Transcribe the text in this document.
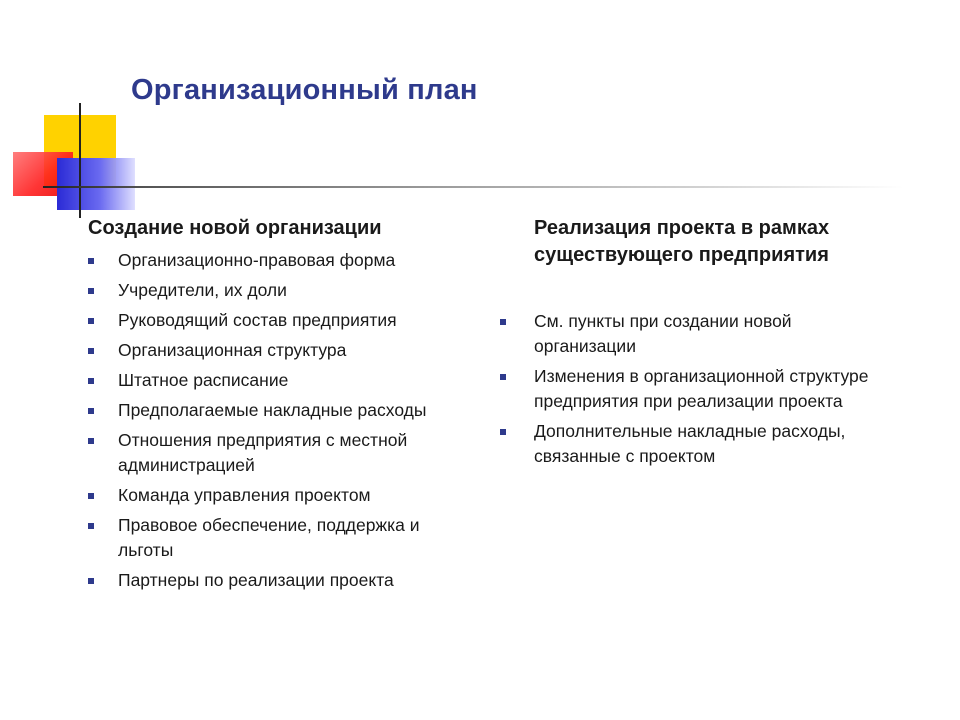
Организационный план
Создание новой организации
Организационно-правовая форма
Учредители, их доли
Руководящий состав предприятия
Организационная структура
Штатное расписание
Предполагаемые накладные расходы
Отношения предприятия с местной администрацией
Команда управления проектом
Правовое обеспечение, поддержка и льготы
Партнеры по реализации проекта
Реализация проекта в рамках существующего предприятия
См. пункты при создании новой организации
Изменения в организационной структуре предприятия при реализации проекта
Дополнительные накладные расходы, связанные с проектом
